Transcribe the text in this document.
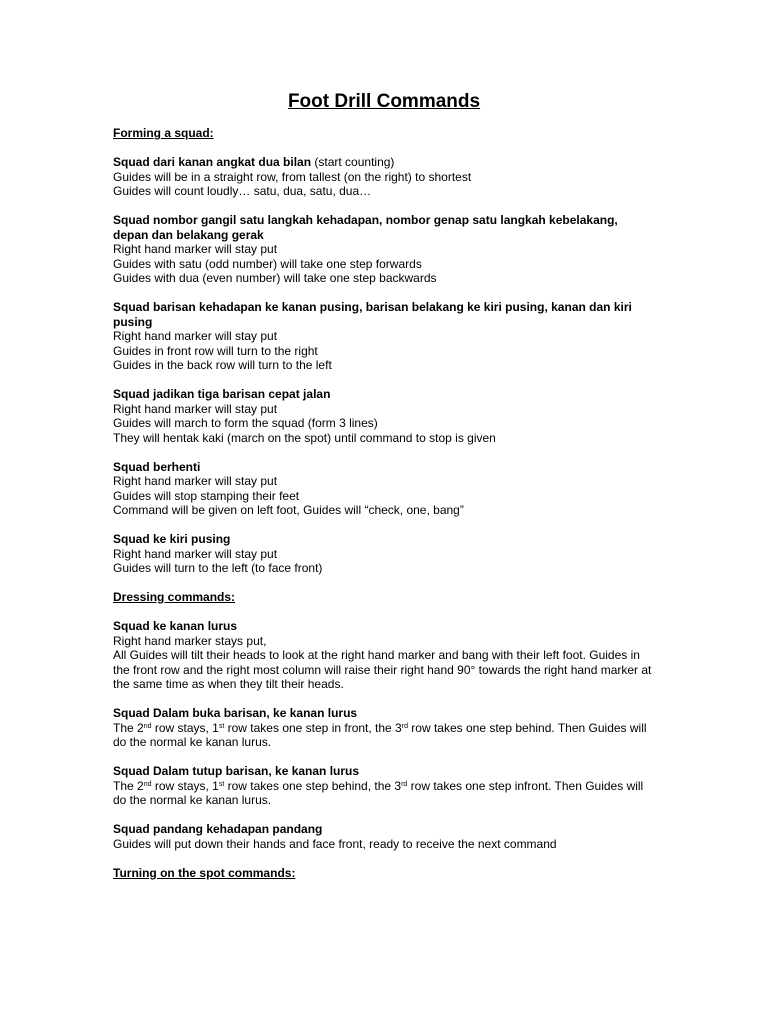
Foot Drill Commands
Forming a squad:
Squad dari kanan angkat dua bilan (start counting)
Guides will be in a straight row, from tallest (on the right) to shortest
Guides will count loudly… satu, dua, satu, dua…
Squad nombor gangil satu langkah kehadapan, nombor genap satu langkah kebelakang, depan dan belakang gerak
Right hand marker will stay put
Guides with satu (odd number) will take one step forwards
Guides with dua (even number) will take one step backwards
Squad barisan kehadapan ke kanan pusing, barisan belakang ke kiri pusing, kanan dan kiri pusing
Right hand marker will stay put
Guides in front row will turn to the right
Guides in the back row will turn to the left
Squad jadikan tiga barisan cepat jalan
Right hand marker will stay put
Guides will march to form the squad (form 3 lines)
They will hentak kaki (march on the spot) until command to stop is given
Squad berhenti
Right hand marker will stay put
Guides will stop stamping their feet
Command will be given on left foot, Guides will “check, one, bang”
Squad ke kiri pusing
Right hand marker will stay put
Guides will turn to the left (to face front)
Dressing commands:
Squad ke kanan lurus
Right hand marker stays put,
All Guides will tilt their heads to look at the right hand marker and bang with their left foot. Guides in the front row and the right most column will raise their right hand 90° towards the right hand marker at the same time as when they tilt their heads.
Squad Dalam buka barisan, ke kanan lurus
The 2nd row stays, 1st row takes one step in front, the 3rd row takes one step behind. Then Guides will do the normal ke kanan lurus.
Squad Dalam tutup barisan, ke kanan lurus
The 2nd row stays, 1st row takes one step behind, the 3rd row takes one step infront. Then Guides will do the normal ke kanan lurus.
Squad pandang kehadapan pandang
Guides will put down their hands and face front, ready to receive the next command
Turning on the spot commands:
